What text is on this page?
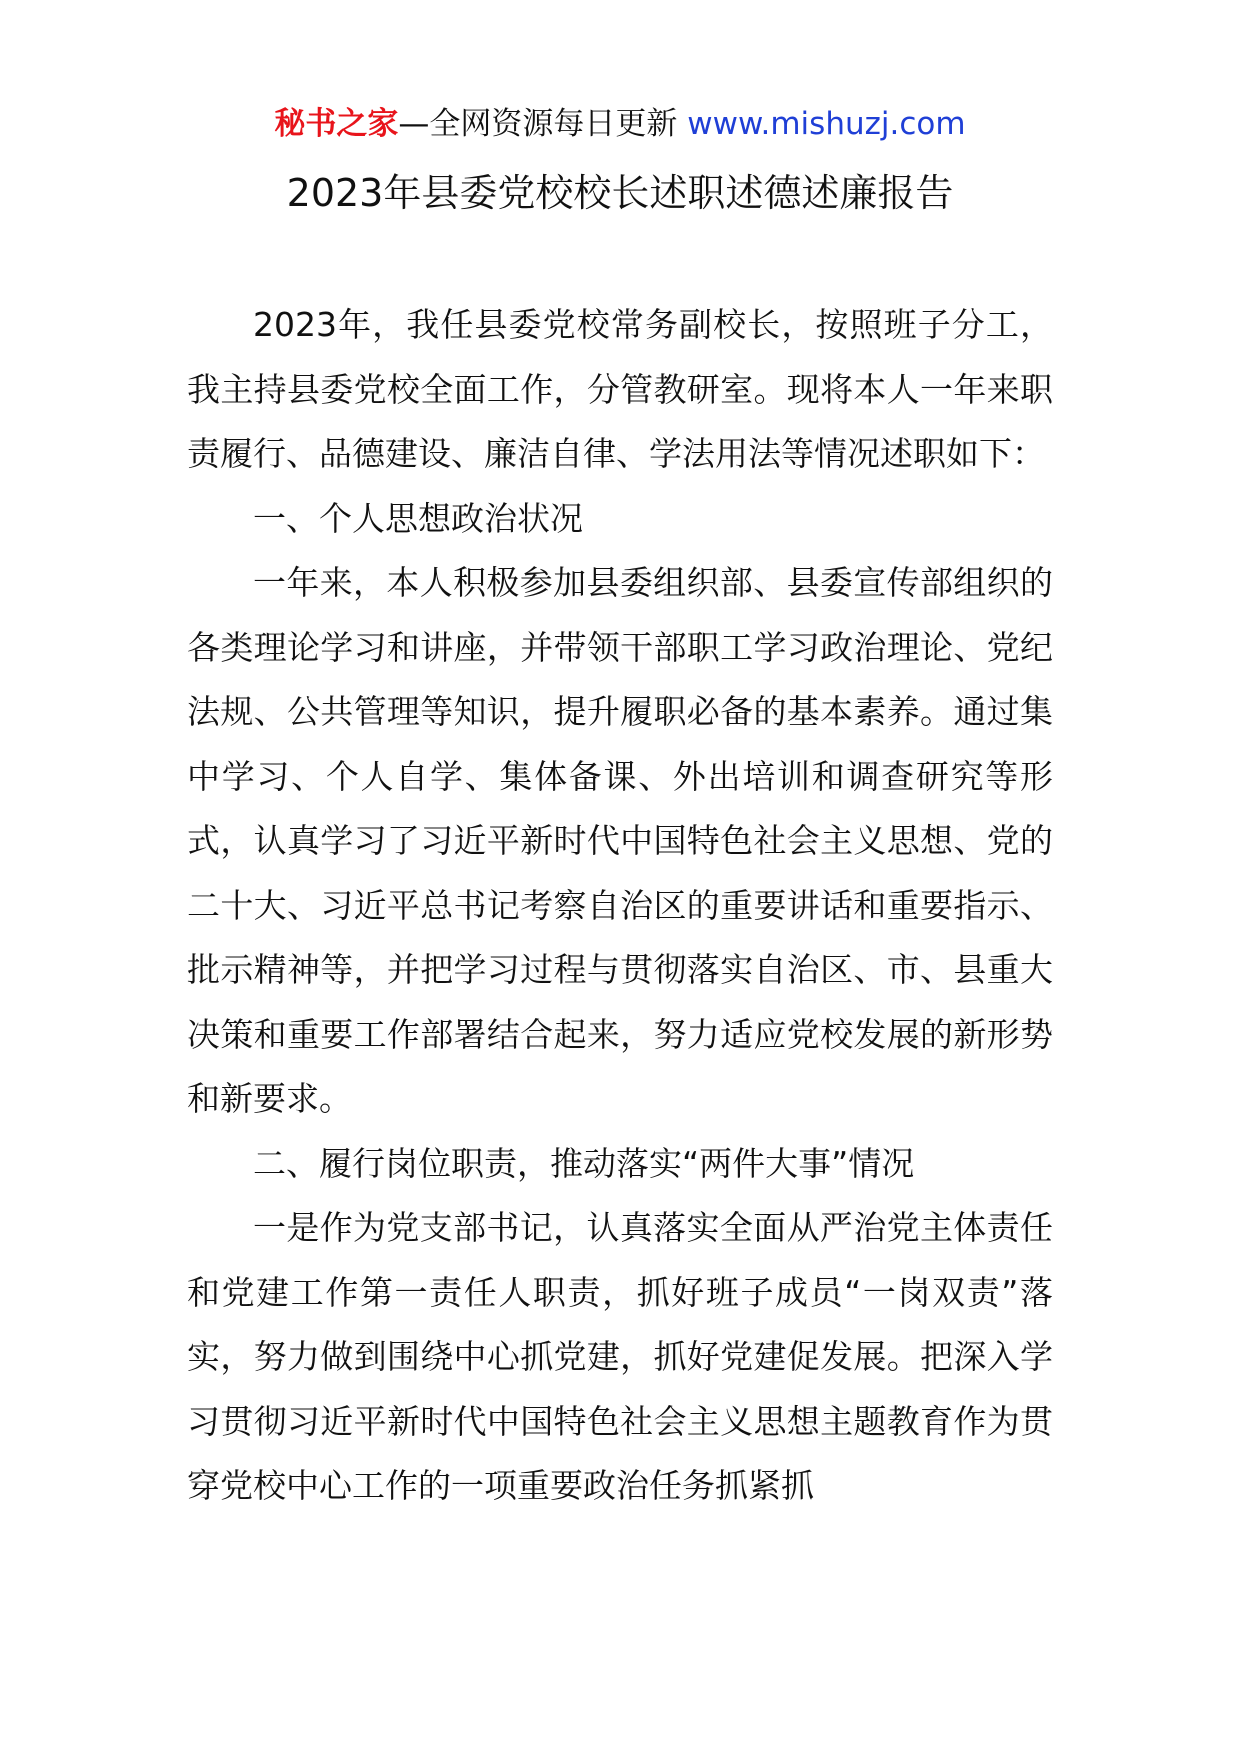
秘书之家—全网资源每日更新 www.mishuzj.com
2023年县委党校校长述职述德述廉报告

2023年，我任县委党校常务副校长，按照班子分工，我主持县委党校全面工作，分管教研室。现将本人一年来职责履行、品德建设、廉洁自律、学法用法等情况述职如下：

一、个人思想政治状况

一年来，本人积极参加县委组织部、县委宣传部组织的各类理论学习和讲座，并带领干部职工学习政治理论、党纪法规、公共管理等知识，提升履职必备的基本素养。通过集中学习、个人自学、集体备课、外出培训和调查研究等形式，认真学习了习近平新时代中国特色社会主义思想、党的二十大、习近平总书记考察自治区的重要讲话和重要指示、批示精神等，并把学习过程与贯彻落实自治区、市、县重大决策和重要工作部署结合起来，努力适应党校发展的新形势和新要求。

二、履行岗位职责，推动落实“两件大事”情况

一是作为党支部书记，认真落实全面从严治党主体责任和党建工作第一责任人职责，抓好班子成员“一岗双责”落实，努力做到围绕中心抓党建，抓好党建促发展。把深入学习贯彻习近平新时代中国特色社会主义思想主题教育作为贯穿党校中心工作的一项重要政治任务抓紧抓
